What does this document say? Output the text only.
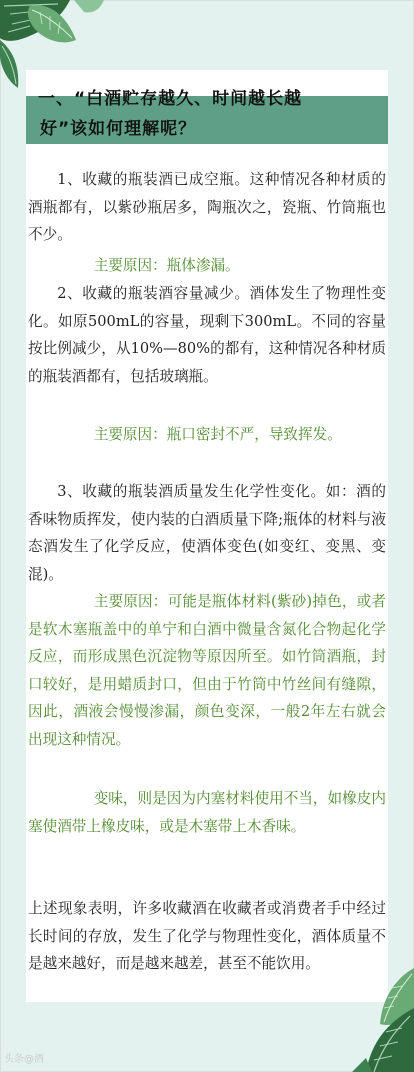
一、“白酒贮存越久、时间越长越
好”该如何理解呢？

1、收藏的瓶装酒已成空瓶。这种情况各种材质的酒瓶都有，以紫砂瓶居多，陶瓶次之，瓷瓶、竹筒瓶也不少。

主要原因：瓶体渗漏。

2、收藏的瓶装酒容量减少。酒体发生了物理性变化。如原500mL的容量，现剩下300mL。不同的容量按比例减少，从10%—80%的都有，这种情况各种材质的瓶装酒都有，包括玻璃瓶。

主要原因：瓶口密封不严，导致挥发。

3、收藏的瓶装酒质量发生化学性变化。如：酒的香味物质挥发，使内装的白酒质量下降;瓶体的材料与液态酒发生了化学反应，使酒体变色(如变红、变黑、变混)。

主要原因：可能是瓶体材料(紫砂)掉色，或者是软木塞瓶盖中的单宁和白酒中微量含氮化合物起化学反应，而形成黑色沉淀物等原因所至。如竹筒酒瓶，封口较好，是用蜡质封口，但由于竹筒中竹丝间有缝隙，因此，酒液会慢慢渗漏，颜色变深，一般2年左右就会出现这种情况。

变味，则是因为内塞材料使用不当，如橡皮内塞使酒带上橡皮味，或是木塞带上木香味。

上述现象表明，许多收藏酒在收藏者或消费者手中经过长时间的存放，发生了化学与物理性变化，酒体质量不是越来越好，而是越来越差，甚至不能饮用。

头条@酒
